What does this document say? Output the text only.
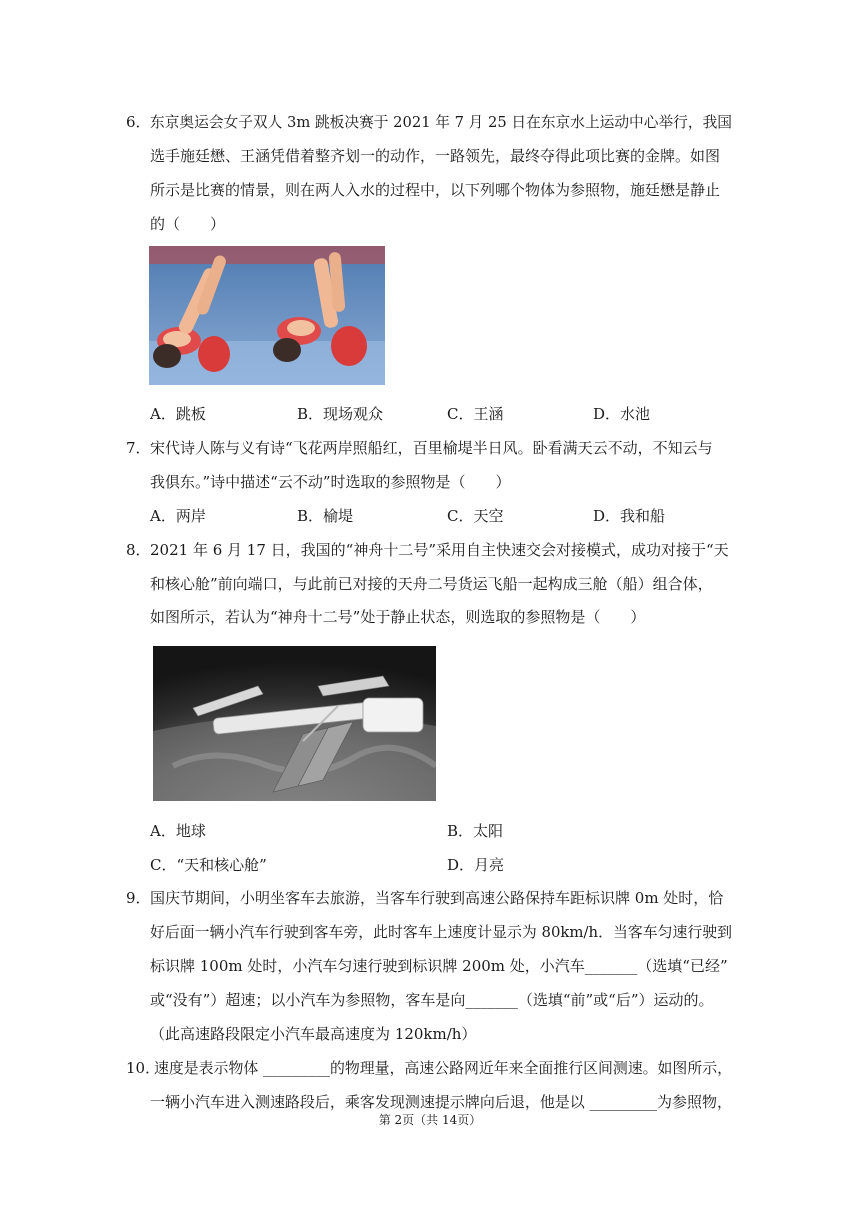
6． 东京奥运会女子双人 3m 跳板决赛于 2021 年 7 月 25 日在东京水上运动中心举行，我国
选手施廷懋、王涵凭借着整齐划一的动作，一路领先，最终夺得此项比赛的金牌。如图
所示是比赛的情景，则在两人入水的过程中，以下列哪个物体为参照物，施廷懋是静止
的（　　）
A．跳板	B．现场观众	C．王涵	D．水池
7． 宋代诗人陈与义有诗“飞花两岸照船红，百里榆堤半日风。卧看满天云不动，不知云与
我俱东。”诗中描述“云不动”时选取的参照物是（　　）
A．两岸	B．榆堤	C．天空	D．我和船
8． 2021 年 6 月 17 日，我国的“神舟十二号”采用自主快速交会对接模式，成功对接于“天
和核心舱”前向端口，与此前已对接的天舟二号货运飞船一起构成三舱（船）组合体，
如图所示，若认为“神舟十二号”处于静止状态，则选取的参照物是（　　）
A．地球	B．太阳
C．“天和核心舱”	D．月亮
9． 国庆节期间，小明坐客车去旅游，当客车行驶到高速公路保持车距标识牌 0m 处时，恰
好后面一辆小汽车行驶到客车旁，此时客车上速度计显示为 80km/h．当客车匀速行驶到
标识牌 100m 处时，小汽车匀速行驶到标识牌 200m 处，小汽车_______（选填“已经”
或“没有”）超速；以小汽车为参照物，客车是向_______（选填“前”或“后”）运动的。
（此高速路段限定小汽车最高速度为 120km/h）
10．
速度是表示物体 _________的物理量，高速公路网近年来全面推行区间测速。如图所示，
一辆小汽车进入测速路段后，乘客发现测速提示牌向后退，他是以 _________为参照物，
第 2页（共 14页）
